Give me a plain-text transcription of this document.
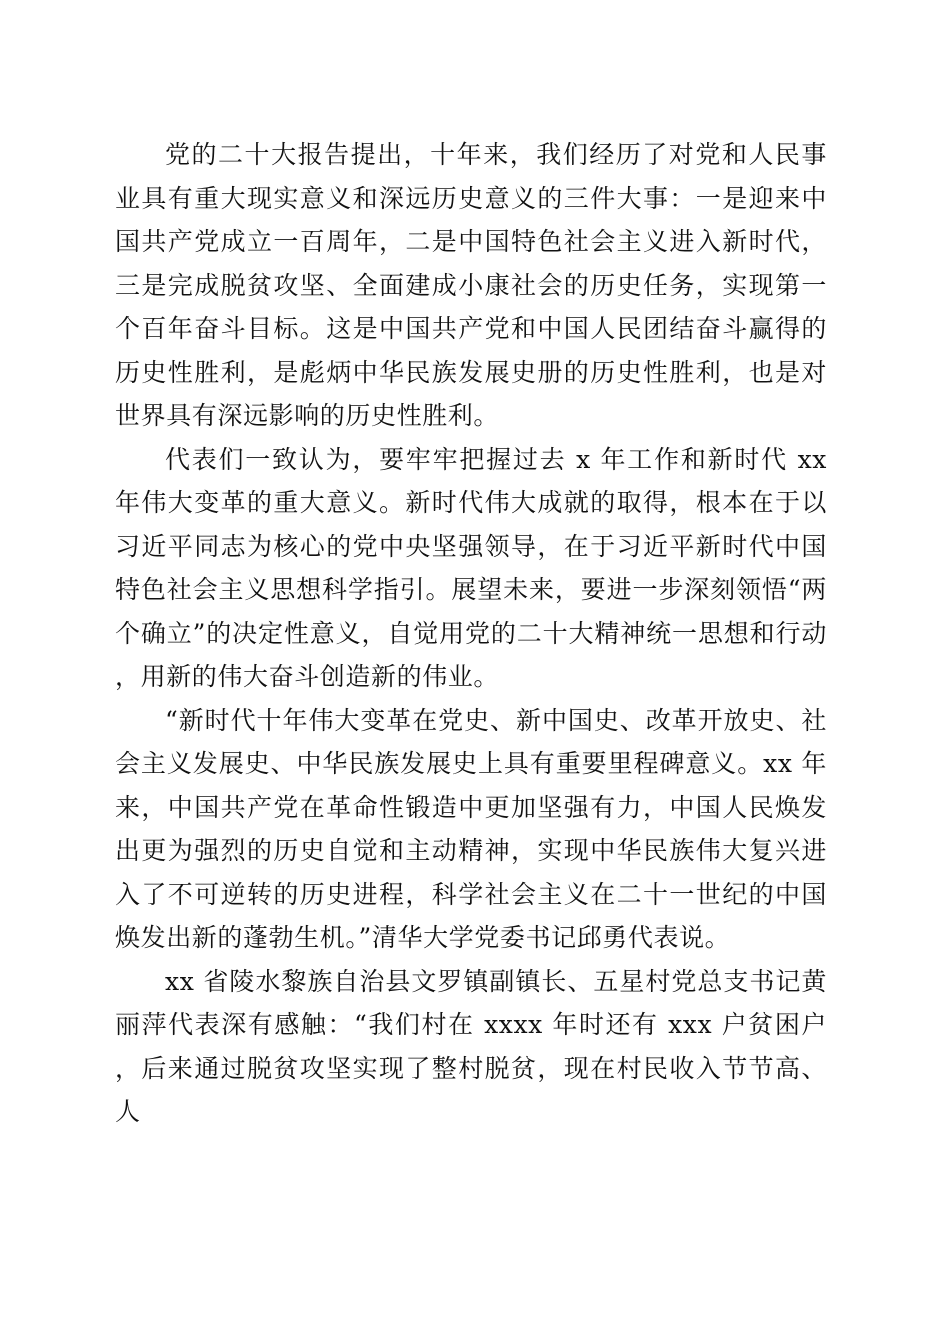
党的二十大报告提出，十年来，我们经历了对党和人民事业具有重大现实意义和深远历史意义的三件大事：一是迎来中国共产党成立一百周年，二是中国特色社会主义进入新时代，三是完成脱贫攻坚、全面建成小康社会的历史任务，实现第一个百年奋斗目标。这是中国共产党和中国人民团结奋斗赢得的历史性胜利，是彪炳中华民族发展史册的历史性胜利，也是对世界具有深远影响的历史性胜利。

代表们一致认为，要牢牢把握过去 x 年工作和新时代 xx 年伟大变革的重大意义。新时代伟大成就的取得，根本在于以习近平同志为核心的党中央坚强领导，在于习近平新时代中国特色社会主义思想科学指引。展望未来，要进一步深刻领悟“两个确立”的决定性意义，自觉用党的二十大精神统一思想和行动，用新的伟大奋斗创造新的伟业。

“新时代十年伟大变革在党史、新中国史、改革开放史、社会主义发展史、中华民族发展史上具有重要里程碑意义。xx 年来，中国共产党在革命性锻造中更加坚强有力，中国人民焕发出更为强烈的历史自觉和主动精神，实现中华民族伟大复兴进入了不可逆转的历史进程，科学社会主义在二十一世纪的中国焕发出新的蓬勃生机。”清华大学党委书记邱勇代表说。

xx 省陵水黎族自治县文罗镇副镇长、五星村党总支书记黄丽萍代表深有感触：“我们村在 xxxx 年时还有 xxx 户贫困户，后来通过脱贫攻坚实现了整村脱贫，现在村民收入节节高、人
